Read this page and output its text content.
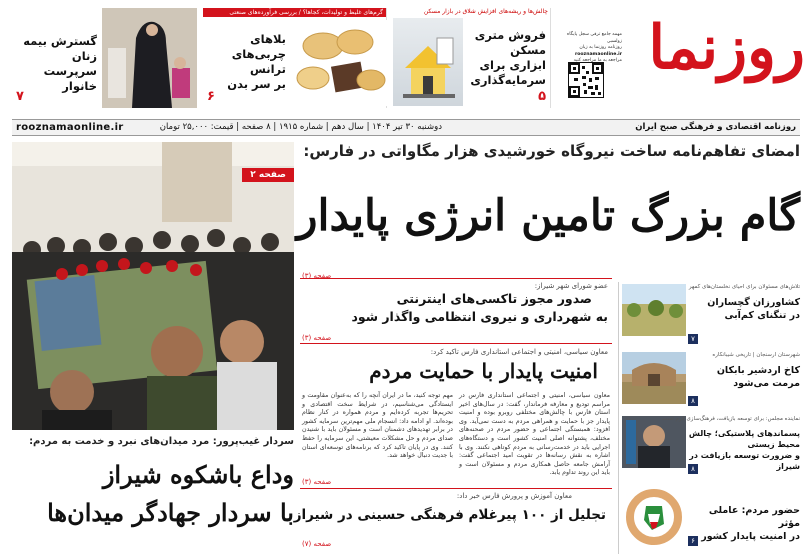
روزنما
مهمه جامع ترقی سجل پایگاه زولسبی
روزنامه روزنما به زبان
rooznamaonline.ir
مراجعه به ما مراجعه کنید
چالش‌ها و ریشه‌های افزایش شلاق در بازار مسکن
فروش متری مسکن
ابزاری برای
سرمایه‌گذاری
۵
گرم‌های غلیظ و تولیدات، کجاها؟ / بررسی فرآورده‌های صنعتی
بلاهای
چربی‌های ترانس
بر سر بدن
۶
گسترش بیمه
زنان سرپرست
خانوار
۷
rooznamaonline.ir	دوشنبه ۳۰ تیر ۱۴۰۴ | سال دهم | شماره ۱۹۱۵ | ۸ صفحه | قیمت: ۲۵,۰۰۰ تومان	روزنامه اقتصادی و فرهنگی صبح ایران
امضای تفاهم‌نامه ساخت نیروگاه خورشیدی هزار مگاواتی در فارس:
گام بزرگ تامین انرژی پایدار
صفحه (۳)
صفحه ۲
سردار غیب‌پرور: مرد میدان‌های نبرد و خدمت به مردم:
وداع باشکوه شیراز
با سردار جهادگر میدان‌ها
عضو شورای شهر شیراز:
صدور مجوز تاکسی‌های اینترنتی
به شهرداری و نیروی انتظامی واگذار شود
صفحه (۳)
معاون سیاسی، امنیتی و اجتماعی استانداری فارس تاکید کرد:
امنیت پایدار با حمایت مردم
معاون سیاسی، امنیتی و اجتماعی استانداری فارس در مراسم تودیع و معارفه فرماندار، گفت: در سال‌های اخیر استان فارس با چالش‌های مختلفی روبرو بوده و امنیت پایدار جز با حمایت و همراهی مردم به دست نمی‌آید. وی افزود: همبستگی اجتماعی و حضور مردم در صحنه‌های مختلف، پشتوانه اصلی امنیت کشور است و دستگاه‌های اجرایی باید در خدمت‌رسانی به مردم کوتاهی نکنند. وی با اشاره به نقش رسانه‌ها در تقویت امید اجتماعی گفت: آرامش جامعه حاصل همکاری مردم و مسئولان است و باید این روند تداوم یابد.
مهم توجه کنید، ما در ایران آنچه را که به‌عنوان مقاومت و ایستادگی می‌شناسیم، در شرایط سخت اقتصادی و تحریم‌ها تجربه کرده‌ایم و مردم همواره در کنار نظام بوده‌اند. او ادامه داد: انسجام ملی مهم‌ترین سرمایه کشور در برابر تهدیدهای دشمنان است و مسئولان باید با شنیدن صدای مردم و حل مشکلات معیشتی، این سرمایه را حفظ کنند. وی در پایان تاکید کرد که برنامه‌های توسعه‌ای استان با جدیت دنبال خواهد شد.
صفحه (۳)
معاون آموزش و پرورش فارس خبر داد:
تجلیل از ۱۰۰ پیرغلام فرهنگی حسینی در شیراز
صفحه (۷)
تلاش‌های مسئولان برای احیای نخلستان‌های کمهر
کشاورزان گچساران
در تنگنای کم‌آبی
۷
شهرستان ارسنجان | تاریخی شیبانکاره
کاخ اردشیر بابکان
مرمت می‌شود
۸
نماینده مجلس: برای توسعه بازیافت، فرهنگ‌سازی لازم است
پسماندهای پلاستیکی؛ چالش محیط زیستی
و ضرورت توسعه بازیافت در شیراز
۸
حضور مردم: عاملی مؤثر
در امنیت پایدار کشور
۶
